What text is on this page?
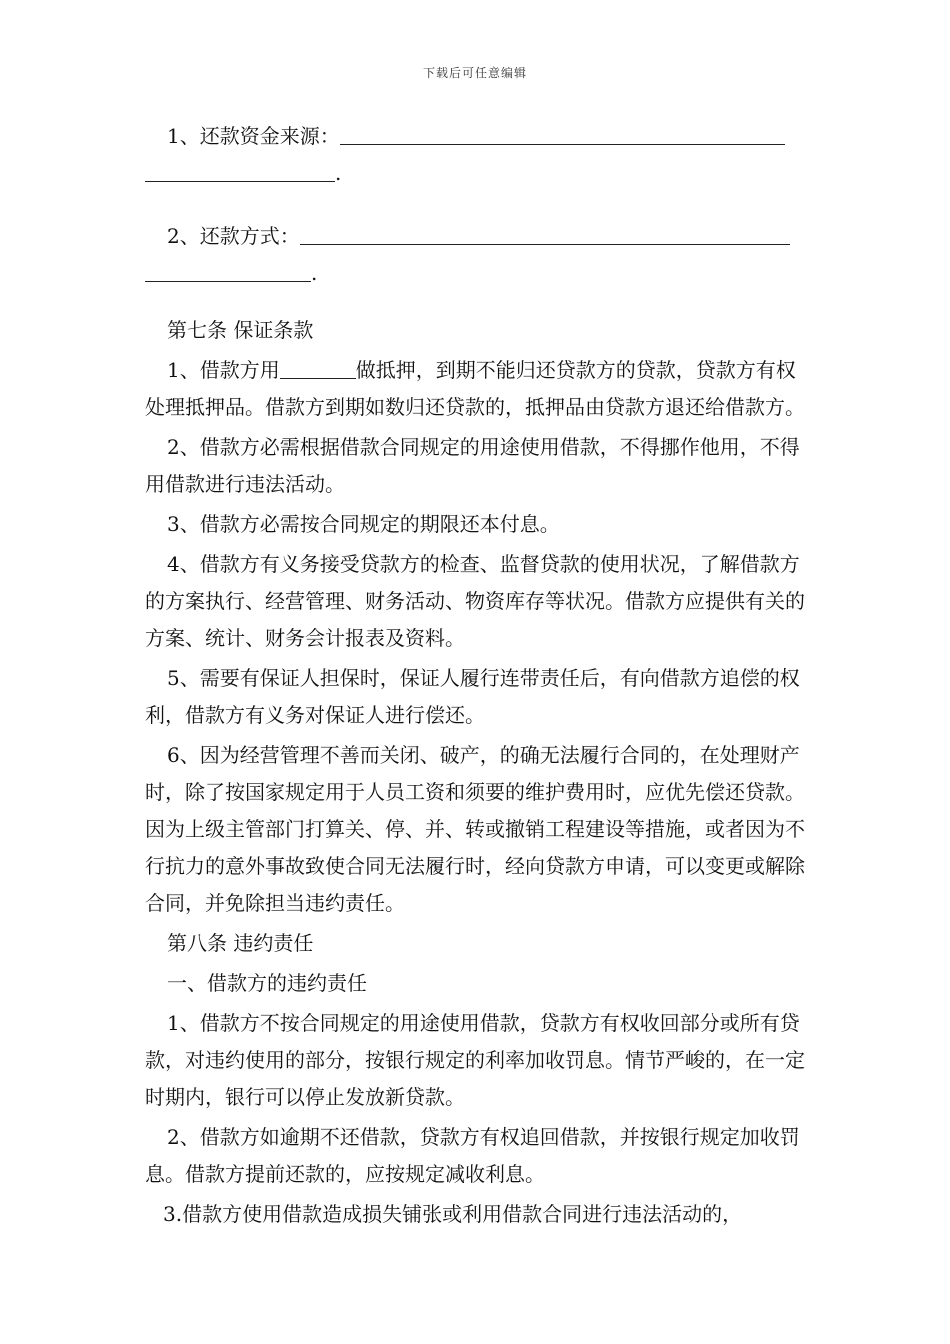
下载后可任意编辑
1、还款资金来源：
.
2、还款方式：
.

第七条 保证条款

1、借款方用	做抵押，到期不能归还贷款方的贷款，贷款方有权处理抵押品。借款方到期如数归还贷款的，抵押品由贷款方退还给借款方。

2、借款方必需根据借款合同规定的用途使用借款，不得挪作他用，不得用借款进行违法活动。

3、借款方必需按合同规定的期限还本付息。

4、借款方有义务接受贷款方的检查、监督贷款的使用状况，了解借款方的方案执行、经营管理、财务活动、物资库存等状况。借款方应提供有关的方案、统计、财务会计报表及资料。

5、需要有保证人担保时，保证人履行连带责任后，有向借款方追偿的权利，借款方有义务对保证人进行偿还。

6、因为经营管理不善而关闭、破产，的确无法履行合同的，在处理财产时，除了按国家规定用于人员工资和须要的维护费用时，应优先偿还贷款。因为上级主管部门打算关、停、并、转或撤销工程建设等措施，或者因为不行抗力的意外事故致使合同无法履行时，经向贷款方申请，可以变更或解除合同，并免除担当违约责任。

第八条 违约责任

一、借款方的违约责任

1、借款方不按合同规定的用途使用借款，贷款方有权收回部分或所有贷款，对违约使用的部分，按银行规定的利率加收罚息。情节严峻的，在一定时期内，银行可以停止发放新贷款。

2、借款方如逾期不还借款，贷款方有权追回借款，并按银行规定加收罚息。借款方提前还款的，应按规定减收利息。

3.借款方使用借款造成损失铺张或利用借款合同进行违法活动的，
